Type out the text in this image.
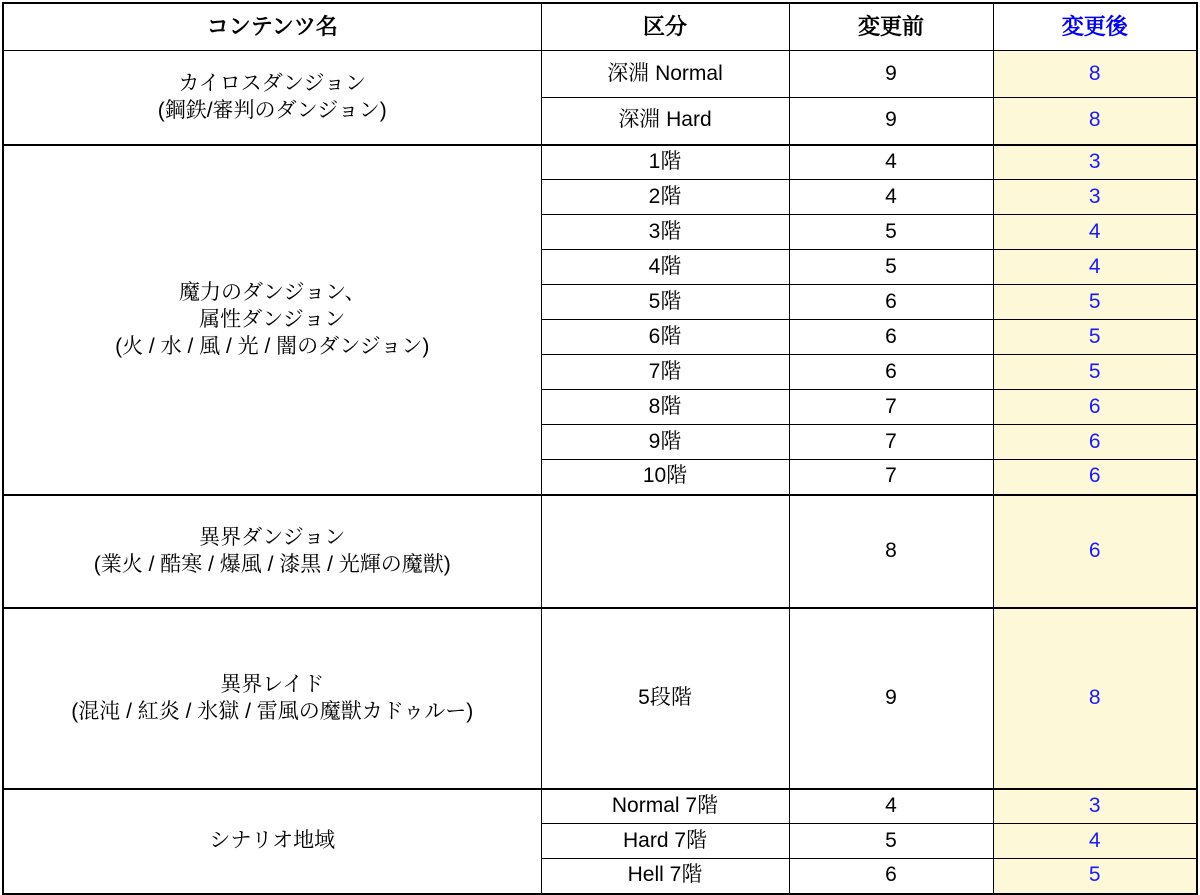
コンテンツ名	区分	変更前	変更後

カイロスダンジョン
(鋼鉄/審判のダンジョン)	深淵 Normal	9	8
	深淵 Hard	9	8

魔力のダンジョン、
属性ダンジョン
(火 / 水 / 風 / 光 / 闇のダンジョン)	1階	4	3
	2階	4	3
	3階	5	4
	4階	5	4
	5階	6	5
	6階	6	5
	7階	6	5
	8階	7	6
	9階	7	6
	10階	7	6

異界ダンジョン
(業火 / 酷寒 / 爆風 / 漆黒 / 光輝の魔獣)		8	6

異界レイド
(混沌 / 紅炎 / 氷獄 / 雷風の魔獣カドゥルー)	5段階	9	8

シナリオ地域	Normal 7階	4	3
	Hard 7階	5	4
	Hell 7階	6	5
